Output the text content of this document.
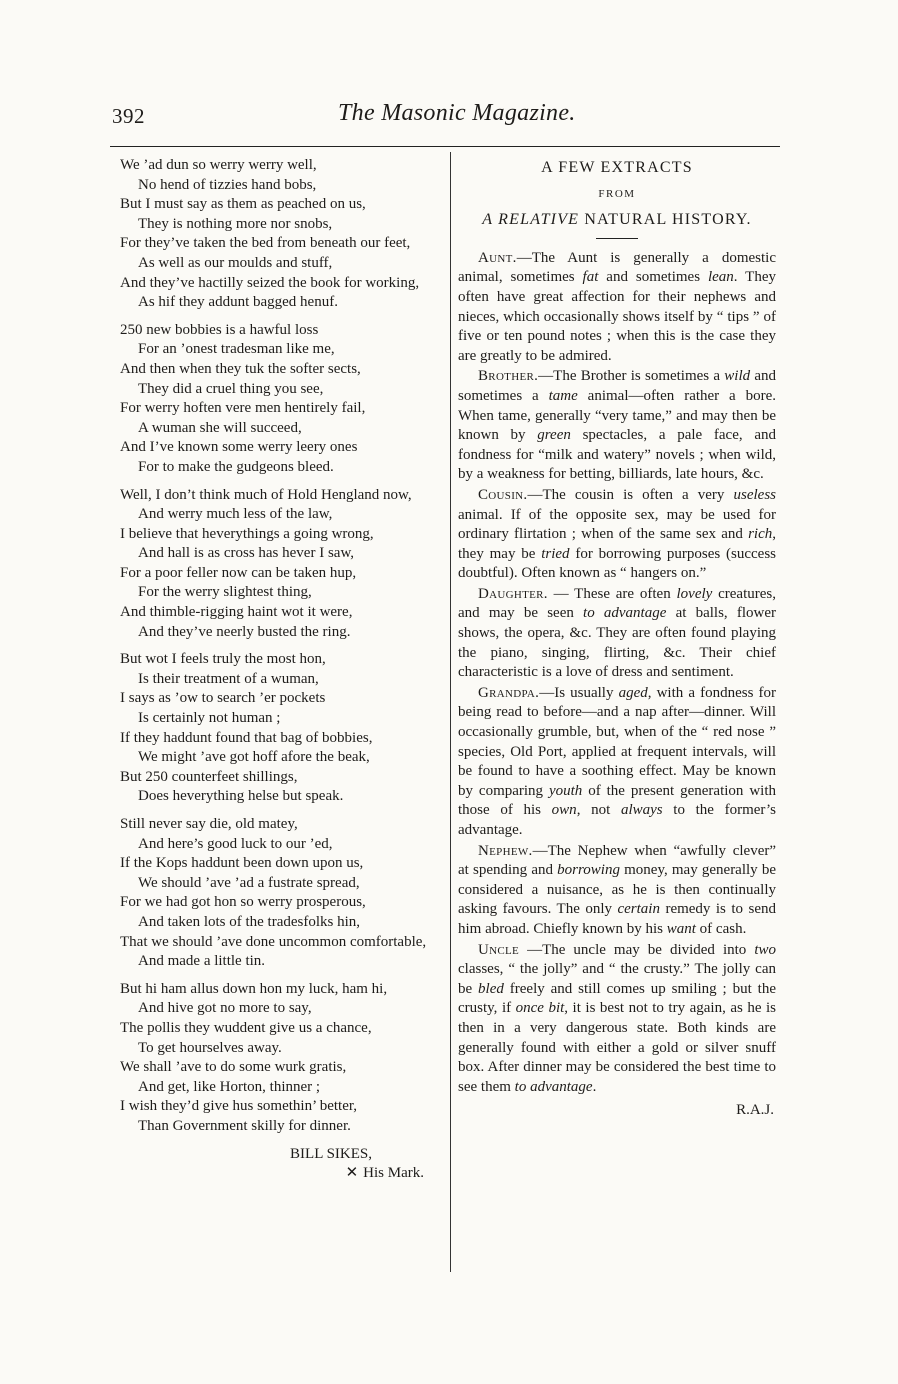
392	The Masonic Magazine.
We ’ad dun so werry werry well,
No hend of tizzies hand bobs,
But I must say as them as peached on us,
They is nothing more nor snobs,
For they’ve taken the bed from beneath our feet,
As well as our moulds and stuff,
And they’ve hactilly seized the book for working,
As hif they addunt bagged henuf.
250 new bobbies is a hawful loss
For an ’onest tradesman like me,
And then when they tuk the softer sects,
They did a cruel thing you see,
For werry hoften vere men hentirely fail,
A wuman she will succeed,
And I’ve known some werry leery ones
For to make the gudgeons bleed.
Well, I don’t think much of Hold Hengland now,
And werry much less of the law,
I believe that heverythings a going wrong,
And hall is as cross has hever I saw,
For a poor feller now can be taken hup,
For the werry slightest thing,
And thimble-rigging haint wot it were,
And they’ve neerly busted the ring.
But wot I feels truly the most hon,
Is their treatment of a wuman,
I says as ’ow to search ’er pockets
Is certainly not human ;
If they haddunt found that bag of bobbies,
We might ’ave got hoff afore the beak,
But 250 counterfeet shillings,
Does heverything helse but speak.
Still never say die, old matey,
And here’s good luck to our ’ed,
If the Kops haddunt been down upon us,
We should ’ave ’ad a fustrate spread,
For we had got hon so werry prosperous,
And taken lots of the tradesfolks hin,
That we should ’ave done uncommon comfortable,
And made a little tin.
But hi ham allus down hon my luck, ham hi,
And hive got no more to say,
The pollis they wuddent give us a chance,
To get hourselves away.
We shall ’ave to do some wurk gratis,
And get, like Horton, thinner ;
I wish they’d give hus somethin’ better,
Than Government skilly for dinner.
BILL SIKES,
✕ His Mark.
A FEW EXTRACTS
FROM
A RELATIVE NATURAL HISTORY.

Aunt.—The Aunt is generally a domestic animal, sometimes fat and sometimes lean. They often have great affection for their nephews and nieces, which occasionally shows itself by “ tips ” of five or ten pound notes ; when this is the case they are greatly to be admired.

Brother.—The Brother is sometimes a wild and sometimes a tame animal—often rather a bore. When tame, generally “very tame,” and may then be known by green spectacles, a pale face, and fondness for “milk and watery” novels ; when wild, by a weakness for betting, billiards, late hours, &c.

Cousin.—The cousin is often a very useless animal. If of the opposite sex, may be used for ordinary flirtation ; when of the same sex and rich, they may be tried for borrowing purposes (success doubtful). Often known as “ hangers on.”

Daughter. — These are often lovely creatures, and may be seen to advantage at balls, flower shows, the opera, &c. They are often found playing the piano, singing, flirting, &c. Their chief characteristic is a love of dress and sentiment.

Grandpa.—Is usually aged, with a fondness for being read to before—and a nap after—dinner. Will occasionally grumble, but, when of the “ red nose ” species, Old Port, applied at frequent intervals, will be found to have a soothing effect. May be known by comparing youth of the present generation with those of his own, not always to the former’s advantage.

Nephew.—The Nephew when “awfully clever” at spending and borrowing money, may generally be considered a nuisance, as he is then continually asking favours. The only certain remedy is to send him abroad. Chiefly known by his want of cash.

Uncle —The uncle may be divided into two classes, “ the jolly” and “ the crusty.” The jolly can be bled freely and still comes up smiling ; but the crusty, if once bit, it is best not to try again, as he is then in a very dangerous state. Both kinds are generally found with either a gold or silver snuff box. After dinner may be considered the best time to see them to advantage.

R.A.J.
